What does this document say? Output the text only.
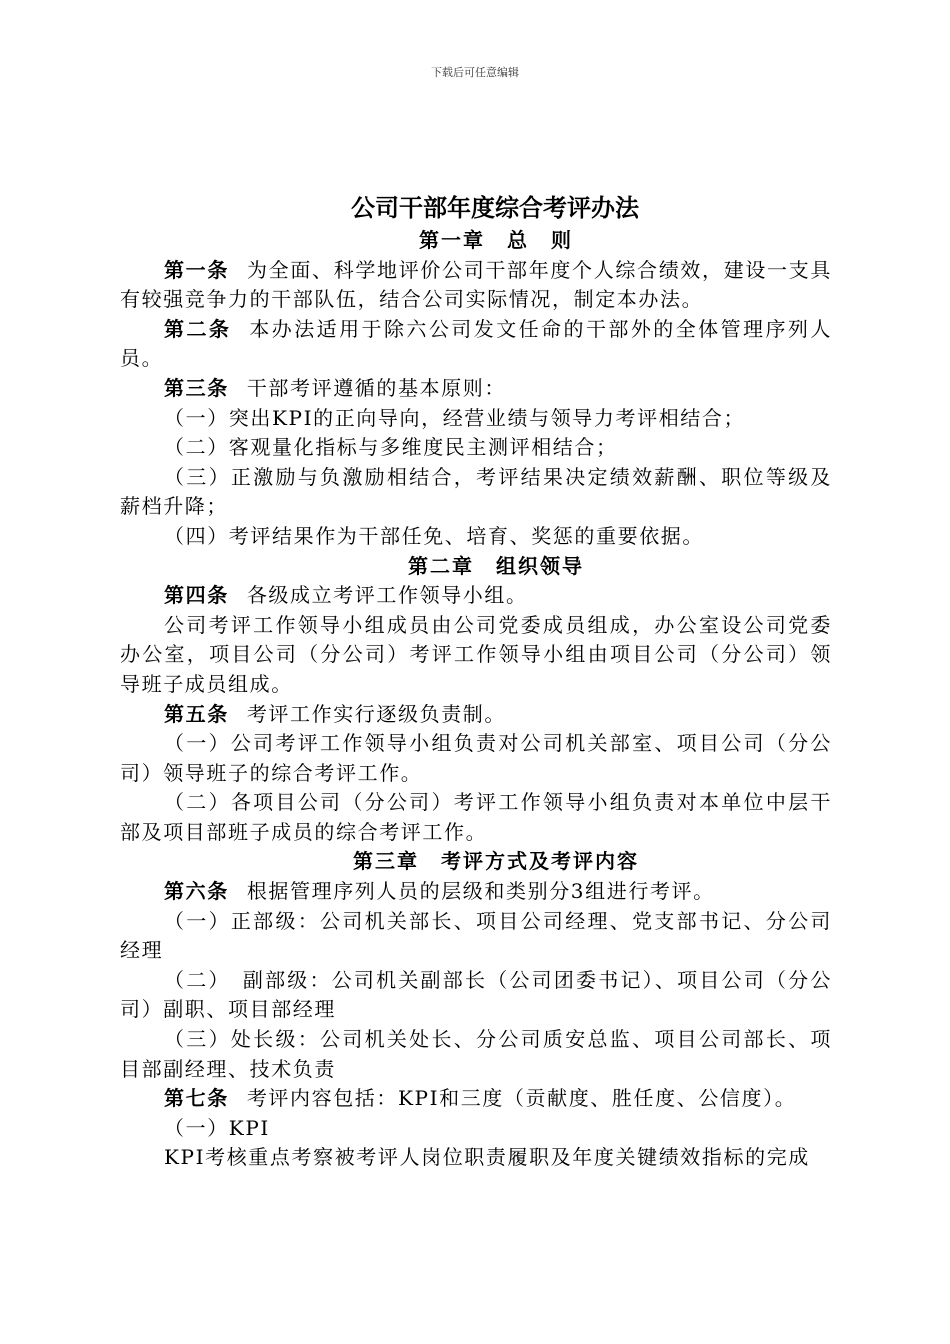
下载后可任意编辑
公司干部年度综合考评办法

第一章　总　则

第一条 为全面、科学地评价公司干部年度个人综合绩效，建设一支具有较强竞争力的干部队伍，结合公司实际情况，制定本办法。

第二条 本办法适用于除六公司发文任命的干部外的全体管理序列人员。

第三条 干部考评遵循的基本原则：

（一）突出KPI的正向导向，经营业绩与领导力考评相结合；

（二）客观量化指标与多维度民主测评相结合；

（三）正激励与负激励相结合，考评结果决定绩效薪酬、职位等级及薪档升降；

（四）考评结果作为干部任免、培育、奖惩的重要依据。

第二章　组织领导

第四条 各级成立考评工作领导小组。

公司考评工作领导小组成员由公司党委成员组成，办公室设公司党委办公室，项目公司（分公司）考评工作领导小组由项目公司（分公司）领导班子成员组成。

第五条 考评工作实行逐级负责制。

（一）公司考评工作领导小组负责对公司机关部室、项目公司（分公司）领导班子的综合考评工作。

（二）各项目公司（分公司）考评工作领导小组负责对本单位中层干部及项目部班子成员的综合考评工作。

第三章　考评方式及考评内容

第六条 根据管理序列人员的层级和类别分3组进行考评。

（一）正部级：公司机关部长、项目公司经理、党支部书记、分公司经理

（二）　副部级：公司机关副部长（公司团委书记）、项目公司（分公司）副职、项目部经理

（三）处长级：公司机关处长、分公司质安总监、项目公司部长、项目部副经理、技术负责

第七条 考评内容包括：KPI和三度（贡献度、胜任度、公信度）。

（一）KPI

KPI考核重点考察被考评人岗位职责履职及年度关键绩效指标的完成
